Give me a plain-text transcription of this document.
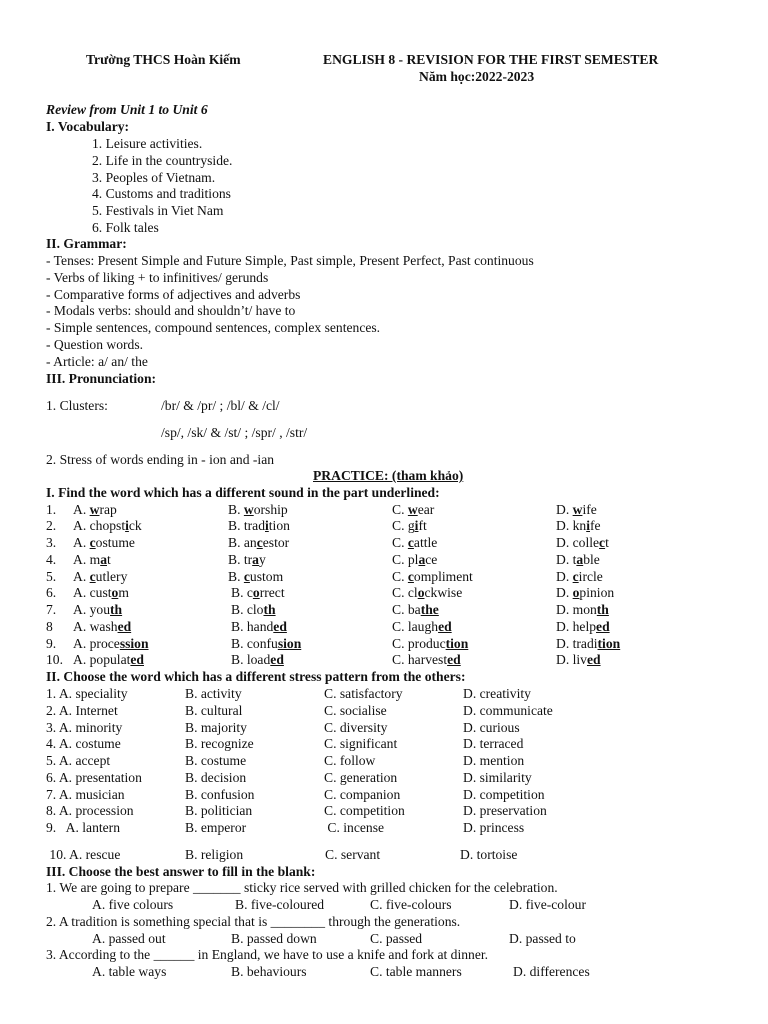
Trường THCS Hoàn Kiếm	ENGLISH 8 - REVISION FOR THE FIRST SEMESTER
Năm học:2022-2023
Review from Unit 1 to Unit 6
I. Vocabulary:
1. Leisure activities.
2. Life in the countryside.
3. Peoples of Vietnam.
4. Customs and traditions
5. Festivals in Viet Nam
6. Folk tales
II. Grammar:
- Tenses: Present Simple and Future Simple, Past simple, Present Perfect, Past continuous
- Verbs of liking + to infinitives/ gerunds
- Comparative forms of adjectives and adverbs
- Modals verbs: should and shouldn’t/ have to
- Simple sentences, compound sentences, complex sentences.
- Question words.
- Article: a/ an/ the
III. Pronunciation:
1. Clusters:	/br/ & /pr/ ; /bl/ & /cl/
/sp/, /sk/ & /st/ ; /spr/ , /str/
2. Stress of words ending in - ion and -ian
PRACTICE: (tham khảo)
I. Find the word which has a different sound in the part underlined:
1. A. wrap	B. worship	C. wear	D. wife
2. A. chopstick	B. tradition	C. gift	D. knife
3. A. costume	B. ancestor	C. cattle	D. collect
4. A. mat	B. tray	C. place	D. table
5. A. cutlery	B. custom	C. compliment	D. circle
6. A. custom	B. correct	C. clockwise	D. opinion
7. A. youth	B. cloth	C. bathe	D. month
8 A. washed	B. handed	C. laughed	D. helped
9. A. procession	B. confusion	C. production	D. tradition
10. A. populated	B. loaded	C. harvested	D. lived
II. Choose the word which has a different stress pattern from the others:
1. A. speciality	B. activity	C. satisfactory	D. creativity
2. A. Internet	B. cultural	C. socialise	D. communicate
3. A. minority	B. majority	C. diversity	D. curious
4. A. costume	B. recognize	C. significant	D. terraced
5. A. accept	B. costume	C. follow	D. mention
6. A. presentation	B. decision	C. generation	D. similarity
7. A. musician	B. confusion	C. companion	D. competition
8. A. procession	B. politician	C. competition	D. preservation
9.   A. lantern	B. emperor	C. incense	D. princess
10. A. rescue	B. religion	C. servant	D. tortoise
III. Choose the best answer to fill in the blank:
1. We are going to prepare _______ sticky rice served with grilled chicken for the celebration.
A. five colours	B. five-coloured	C. five-colours	D. five-colour
2. A tradition is something special that is ________ through the generations.
A. passed out	B. passed down	C. passed	D. passed to
3. According to the ______ in England, we have to use a knife and fork at dinner.
A. table ways	B. behaviours	C. table manners	D. differences
